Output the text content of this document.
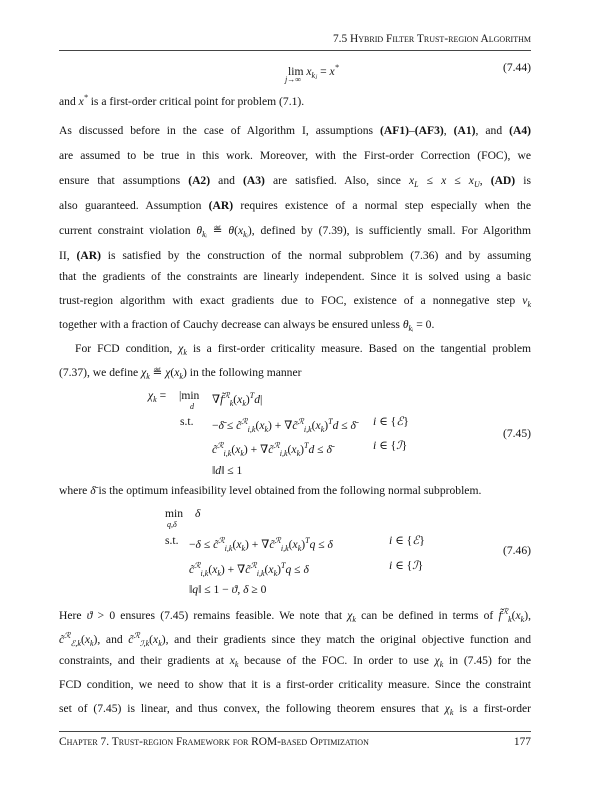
7.5 Hybrid Filter Trust-region Algorithm
$\lim x_{kⱼ} = x^*$
j→∞
(7.44)
and x* is a first-order critical point for problem (7.1).
As discussed before in the case of Algorithm I, assumptions (AF1)–(AF3), (A1), and (A4)
are assumed to be true in this work. Moreover, with the First-order Correction (FOC), we
ensure that assumptions (A2) and (A3) are satisfied. Also, since $x_L \le x \le x_U$, (AD) is
also guaranteed. Assumption (AR) requires existence of a normal step especially when the
current constraint violation $\theta_{kᵢ}$ ≝ $\theta(x_{kᵢ})$, defined by (7.39), is sufficiently small. For Algorithm
II, (AR) is satisfied by the construction of the normal subproblem (7.36) and by assuming
that the gradients of the constraints are linearly independent. Since it is solved using a basic
trust-region algorithm with exact gradients due to FOC, existence of a nonnegative step $v_k$
together with a fraction of Cauchy decrease can always be ensured unless $\theta_{kᵢ} = 0$.
For FCD condition, $\chi_k$ is a first-order criticality measure. Based on the tangential problem
(7.37), we define $\chi_k$ ≝ $\chi(x_k)$ in the following manner
$\chi_k = |\min$
d
$\nabla f̃^ℛ_k(x_k)^Td|$
s.t. −δ̄ ≤ $c̃^ℛ_{i,k}(x_k)$ + $\nabla c̃^ℛ_{i,k}(x_k)^Td$ ≤ δ̄ i ∈ {ℰ}
$c̃^ℛ_{i,k}(x_k)$ + $\nabla c̃^ℛ_{i,k}(x_k)^Td$ ≤ δ̄	i ∈ {ℐ}
‖d‖ ≤ 1
(7.45)
where δ̄ is the optimum infeasibility level obtained from the following normal subproblem.
min
q,δ
δ
s.t. $-\delta \le c̃^ℛ_{i,k}(x_k)$ + $\nabla c̃^ℛ_{i,k}(x_k)^Tq \le \delta$	i ∈ {ℰ}
$c̃^ℛ_{i,k}(x_k)$ + $\nabla c̃^ℛ_{i,k}(x_k)^Tq \le \delta$	i ∈ {ℐ}
‖q‖ ≤ 1 − ϑ, δ ≥ 0
(7.46)
Here ϑ > 0 ensures (7.45) remains feasible. We note that $\chi_k$ can be defined in terms of $f̃^ℛ_k(x_k)$,
$c̃^ℛ_{ℰ,k}(x_k)$, and $c̃^ℛ_{ℐ,k}(x_k)$, and their gradients since they match the original objective function and
constraints, and their gradients at $x_k$ because of the FOC. In order to use $\chi_k$ in (7.45) for the
FCD condition, we need to show that it is a first-order criticality measure. Since the constraint
set of (7.45) is linear, and thus convex, the following theorem ensures that $\chi_k$ is a first-order
Chapter 7. Trust-region Framework for ROM-based Optimization	177
